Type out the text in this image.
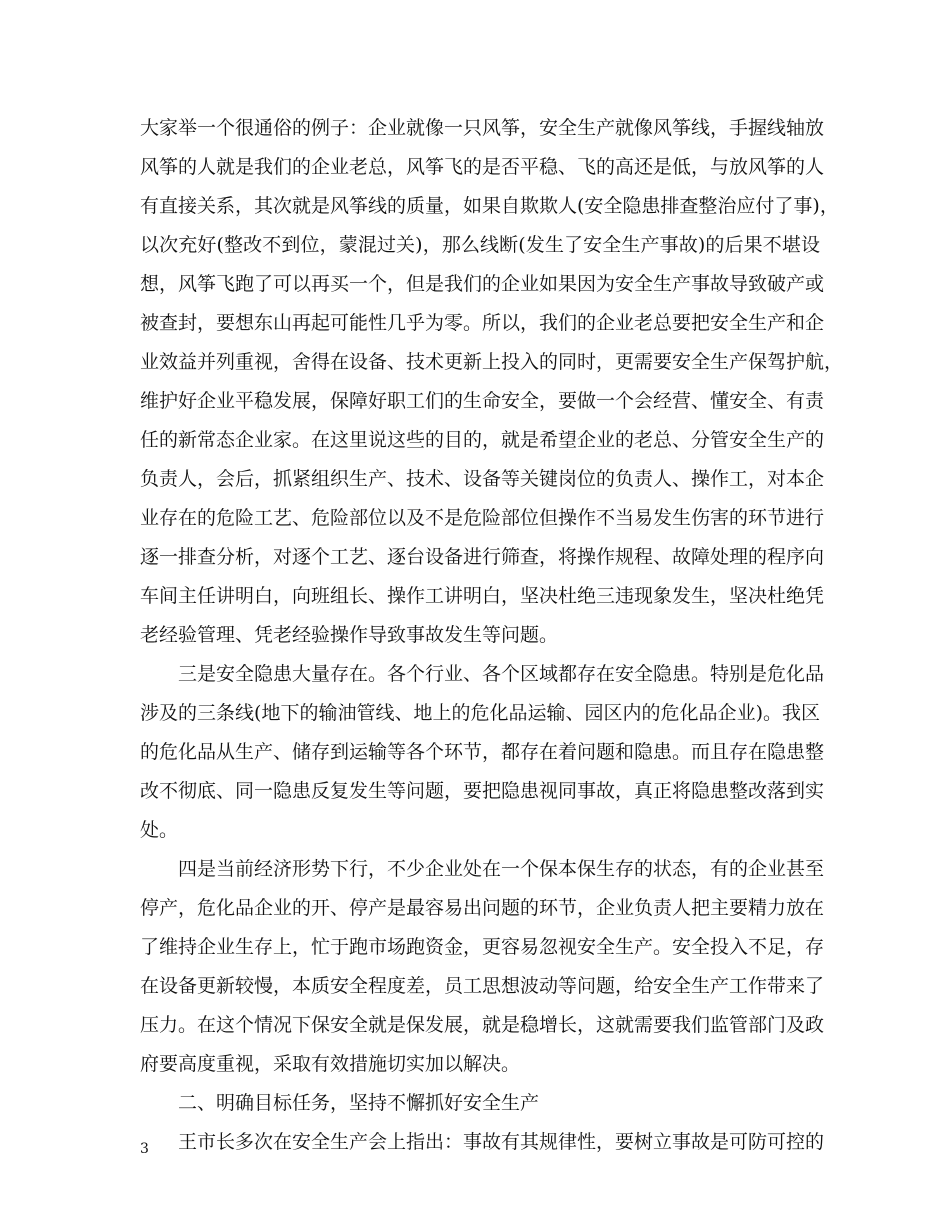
大家举一个很通俗的例子：企业就像一只风筝，安全生产就像风筝线，手握线轴放
风筝的人就是我们的企业老总，风筝飞的是否平稳、飞的高还是低，与放风筝的人
有直接关系，其次就是风筝线的质量，如果自欺欺人(安全隐患排查整治应付了事)，
以次充好(整改不到位，蒙混过关)，那么线断(发生了安全生产事故)的后果不堪设
想，风筝飞跑了可以再买一个，但是我们的企业如果因为安全生产事故导致破产或
被查封，要想东山再起可能性几乎为零。所以，我们的企业老总要把安全生产和企
业效益并列重视，舍得在设备、技术更新上投入的同时，更需要安全生产保驾护航，
维护好企业平稳发展，保障好职工们的生命安全，要做一个会经营、懂安全、有责
任的新常态企业家。在这里说这些的目的，就是希望企业的老总、分管安全生产的
负责人，会后，抓紧组织生产、技术、设备等关键岗位的负责人、操作工，对本企
业存在的危险工艺、危险部位以及不是危险部位但操作不当易发生伤害的环节进行
逐一排查分析，对逐个工艺、逐台设备进行筛查，将操作规程、故障处理的程序向
车间主任讲明白，向班组长、操作工讲明白，坚决杜绝三违现象发生，坚决杜绝凭
老经验管理、凭老经验操作导致事故发生等问题。
三是安全隐患大量存在。各个行业、各个区域都存在安全隐患。特别是危化品
涉及的三条线(地下的输油管线、地上的危化品运输、园区内的危化品企业)。我区
的危化品从生产、储存到运输等各个环节，都存在着问题和隐患。而且存在隐患整
改不彻底、同一隐患反复发生等问题，要把隐患视同事故，真正将隐患整改落到实
处。
四是当前经济形势下行，不少企业处在一个保本保生存的状态，有的企业甚至
停产，危化品企业的开、停产是最容易出问题的环节，企业负责人把主要精力放在
了维持企业生存上，忙于跑市场跑资金，更容易忽视安全生产。安全投入不足，存
在设备更新较慢，本质安全程度差，员工思想波动等问题，给安全生产工作带来了
压力。在这个情况下保安全就是保发展，就是稳增长，这就需要我们监管部门及政
府要高度重视，采取有效措施切实加以解决。
二、明确目标任务，坚持不懈抓好安全生产
王市长多次在安全生产会上指出：事故有其规律性，要树立事故是可防可控的
3
